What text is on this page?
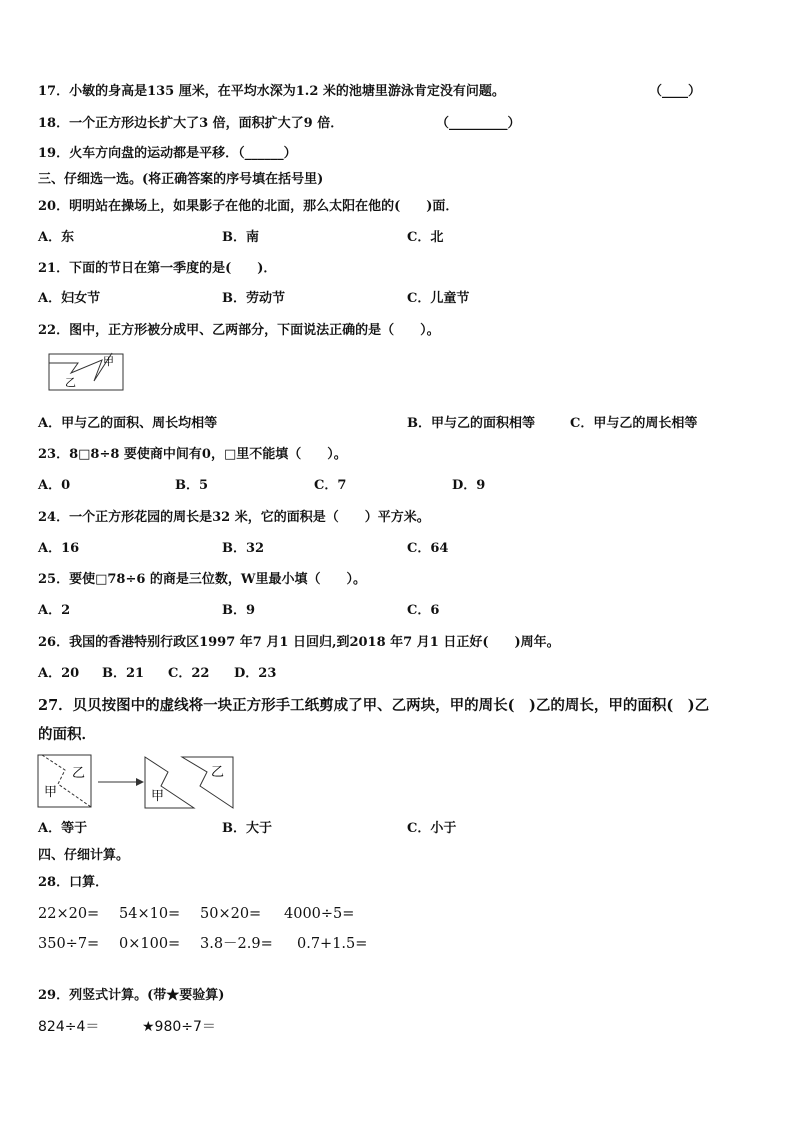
17．小敏的身高是135 厘米，在平均水深为1.2 米的池塘里游泳肯定没有问题。	（____）
18．一个正方形边长扩大了3 倍，面积扩大了9 倍．	（_________）
19．火车方向盘的运动都是平移．（______）
三、仔细选一选。(将正确答案的序号填在括号里)
20．明明站在操场上，如果影子在他的北面，那么太阳在他的(　　)面．
A．东	B．南	C．北
21．下面的节日在第一季度的是(　　)．
A．妇女节	B．劳动节	C．儿童节
22．图中，正方形被分成甲、乙两部分，下面说法正确的是（　　）。
甲
乙
A．甲与乙的面积、周长均相等	B．甲与乙的面积相等	C．甲与乙的周长相等
23．8□8÷8 要使商中间有0，□里不能填（　　）。
A．0	B．5	C．7	D．9
24．一个正方形花园的周长是32 米，它的面积是（　　）平方米。
A．16	B．32	C．64
25．要使□78÷6 的商是三位数，W里最小填（　　）。
A．2	B．9	C．6
26．我国的香港特别行政区1997 年7 月1 日回归,到2018 年7 月1 日正好(　　)周年。
A．20 B．21 C．22 D．23
27．贝贝按图中的虚线将一块正方形手工纸剪成了甲、乙两块，甲的周长(　)乙的周长，甲的面积(　)乙
的面积．
甲
乙
甲
乙
A．等于	B．大于	C．小于
四、仔细计算。
28．口算．
22×20= 54×10= 50×20= 4000÷5=
350÷7= 0×100= 3.8－2.9= 0.7+1.5=
29．列竖式计算。(带★要验算)
824÷4＝	★980÷7＝
